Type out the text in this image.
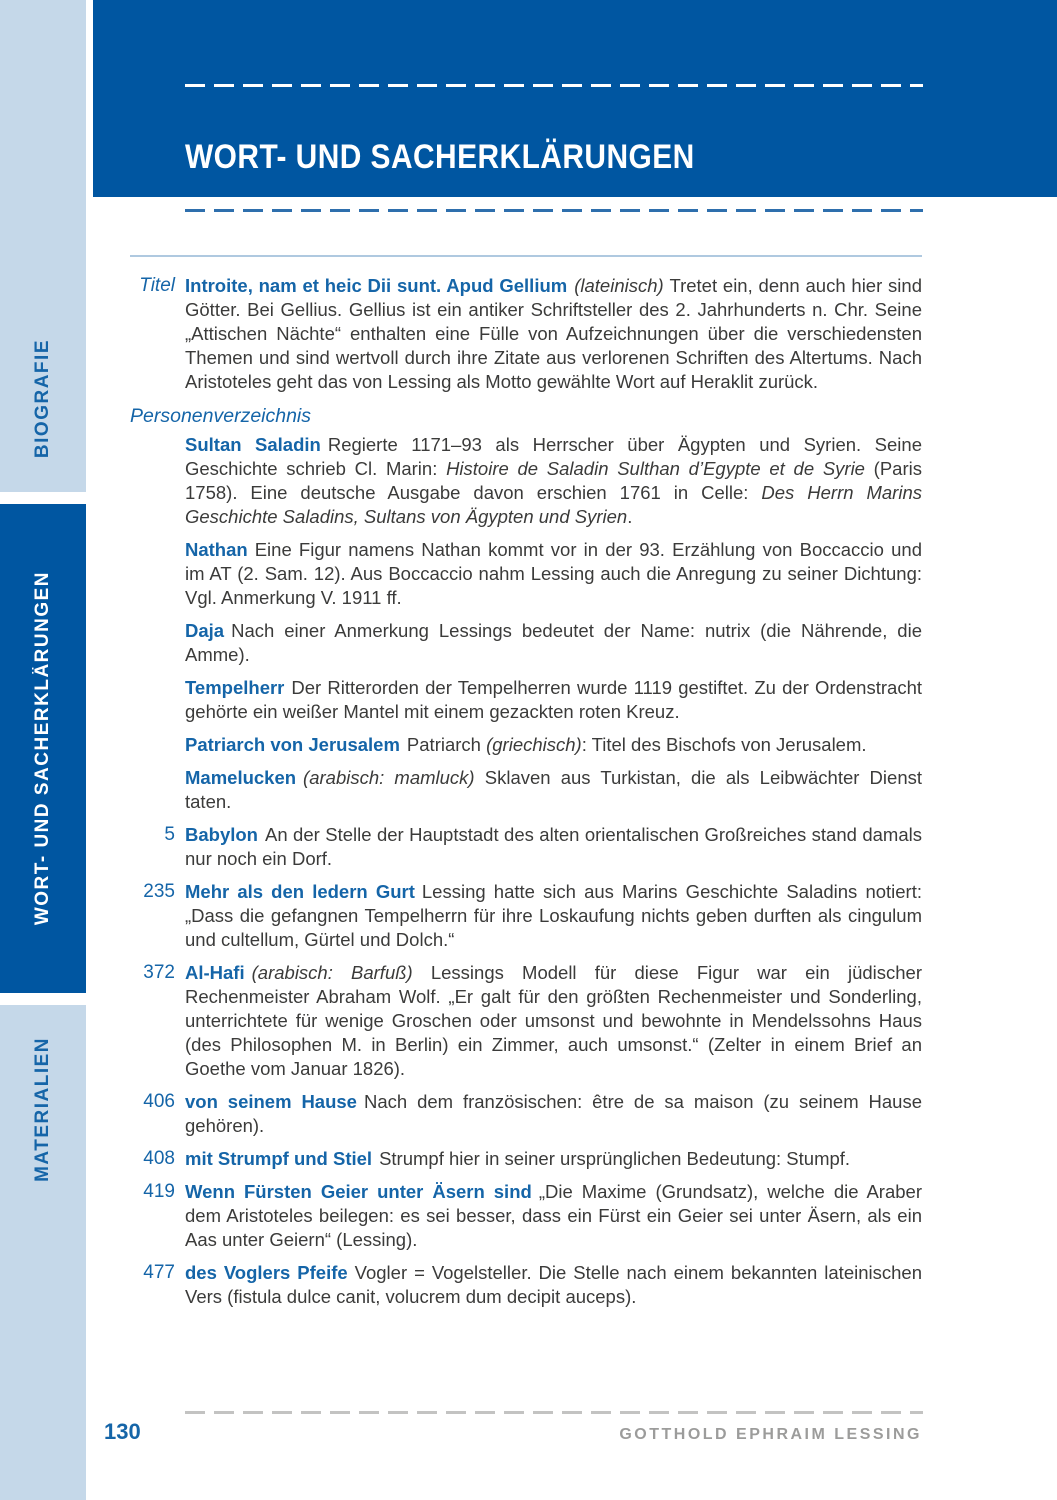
BIOGRAFIE
WORT- UND SACHERKLÄRUNGEN
MATERIALIEN
WORT- UND SACHERKLÄRUNGEN
Titel Introite, nam et heic Dii sunt. Apud Gellium (lateinisch) Tretet ein, denn auch hier sind Götter. Bei Gellius. Gellius ist ein antiker Schriftsteller des 2. Jahrhunderts n. Chr. Seine „Attischen Nächte“ enthalten eine Fülle von Aufzeichnungen über die verschiedensten Themen und sind wertvoll durch ihre Zitate aus verlorenen Schriften des Altertums. Nach Aristoteles geht das von Lessing als Motto gewählte Wort auf Heraklit zurück.
Personenverzeichnis
Sultan Saladin Regierte 1171–93 als Herrscher über Ägypten und Syrien. Seine Geschichte schrieb Cl. Marin: Histoire de Saladin Sulthan d’Egypte et de Syrie (Paris 1758). Eine deutsche Ausgabe davon erschien 1761 in Celle: Des Herrn Marins Geschichte Saladins, Sultans von Ägypten und Syrien.
Nathan Eine Figur namens Nathan kommt vor in der 93. Erzählung von Boccaccio und im AT (2. Sam. 12). Aus Boccaccio nahm Lessing auch die Anregung zu seiner Dichtung: Vgl. Anmerkung V. 1911 ff.
Daja Nach einer Anmerkung Lessings bedeutet der Name: nutrix (die Nährende, die Amme).
Tempelherr Der Ritterorden der Tempelherren wurde 1119 gestiftet. Zu der Ordenstracht gehörte ein weißer Mantel mit einem gezackten roten Kreuz.
Patriarch von Jerusalem Patriarch (griechisch): Titel des Bischofs von Jerusalem.
Mamelucken (arabisch: mamluck) Sklaven aus Turkistan, die als Leibwächter Dienst taten.
5 Babylon An der Stelle der Hauptstadt des alten orientalischen Großreiches stand damals nur noch ein Dorf.
235 Mehr als den ledern Gurt Lessing hatte sich aus Marins Geschichte Saladins notiert: „Dass die gefangnen Tempelherrn für ihre Loskaufung nichts geben durften als cingulum und cultellum, Gürtel und Dolch.“
372 Al-Hafi (arabisch: Barfuß) Lessings Modell für diese Figur war ein jüdischer Rechenmeister Abraham Wolf. „Er galt für den größten Rechenmeister und Sonderling, unterrichtete für wenige Groschen oder umsonst und bewohnte in Mendelssohns Haus (des Philosophen M. in Berlin) ein Zimmer, auch umsonst.“ (Zelter in einem Brief an Goethe vom Januar 1826).
406 von seinem Hause Nach dem französischen: être de sa maison (zu seinem Hause gehören).
408 mit Strumpf und Stiel Strumpf hier in seiner ursprünglichen Bedeutung: Stumpf.
419 Wenn Fürsten Geier unter Äsern sind „Die Maxime (Grundsatz), welche die Araber dem Aristoteles beilegen: es sei besser, dass ein Fürst ein Geier sei unter Äsern, als ein Aas unter Geiern“ (Lessing).
477 des Voglers Pfeife Vogler = Vogelsteller. Die Stelle nach einem bekannten lateinischen Vers (fistula dulce canit, volucrem dum decipit auceps).
130	GOTTHOLD EPHRAIM LESSING
